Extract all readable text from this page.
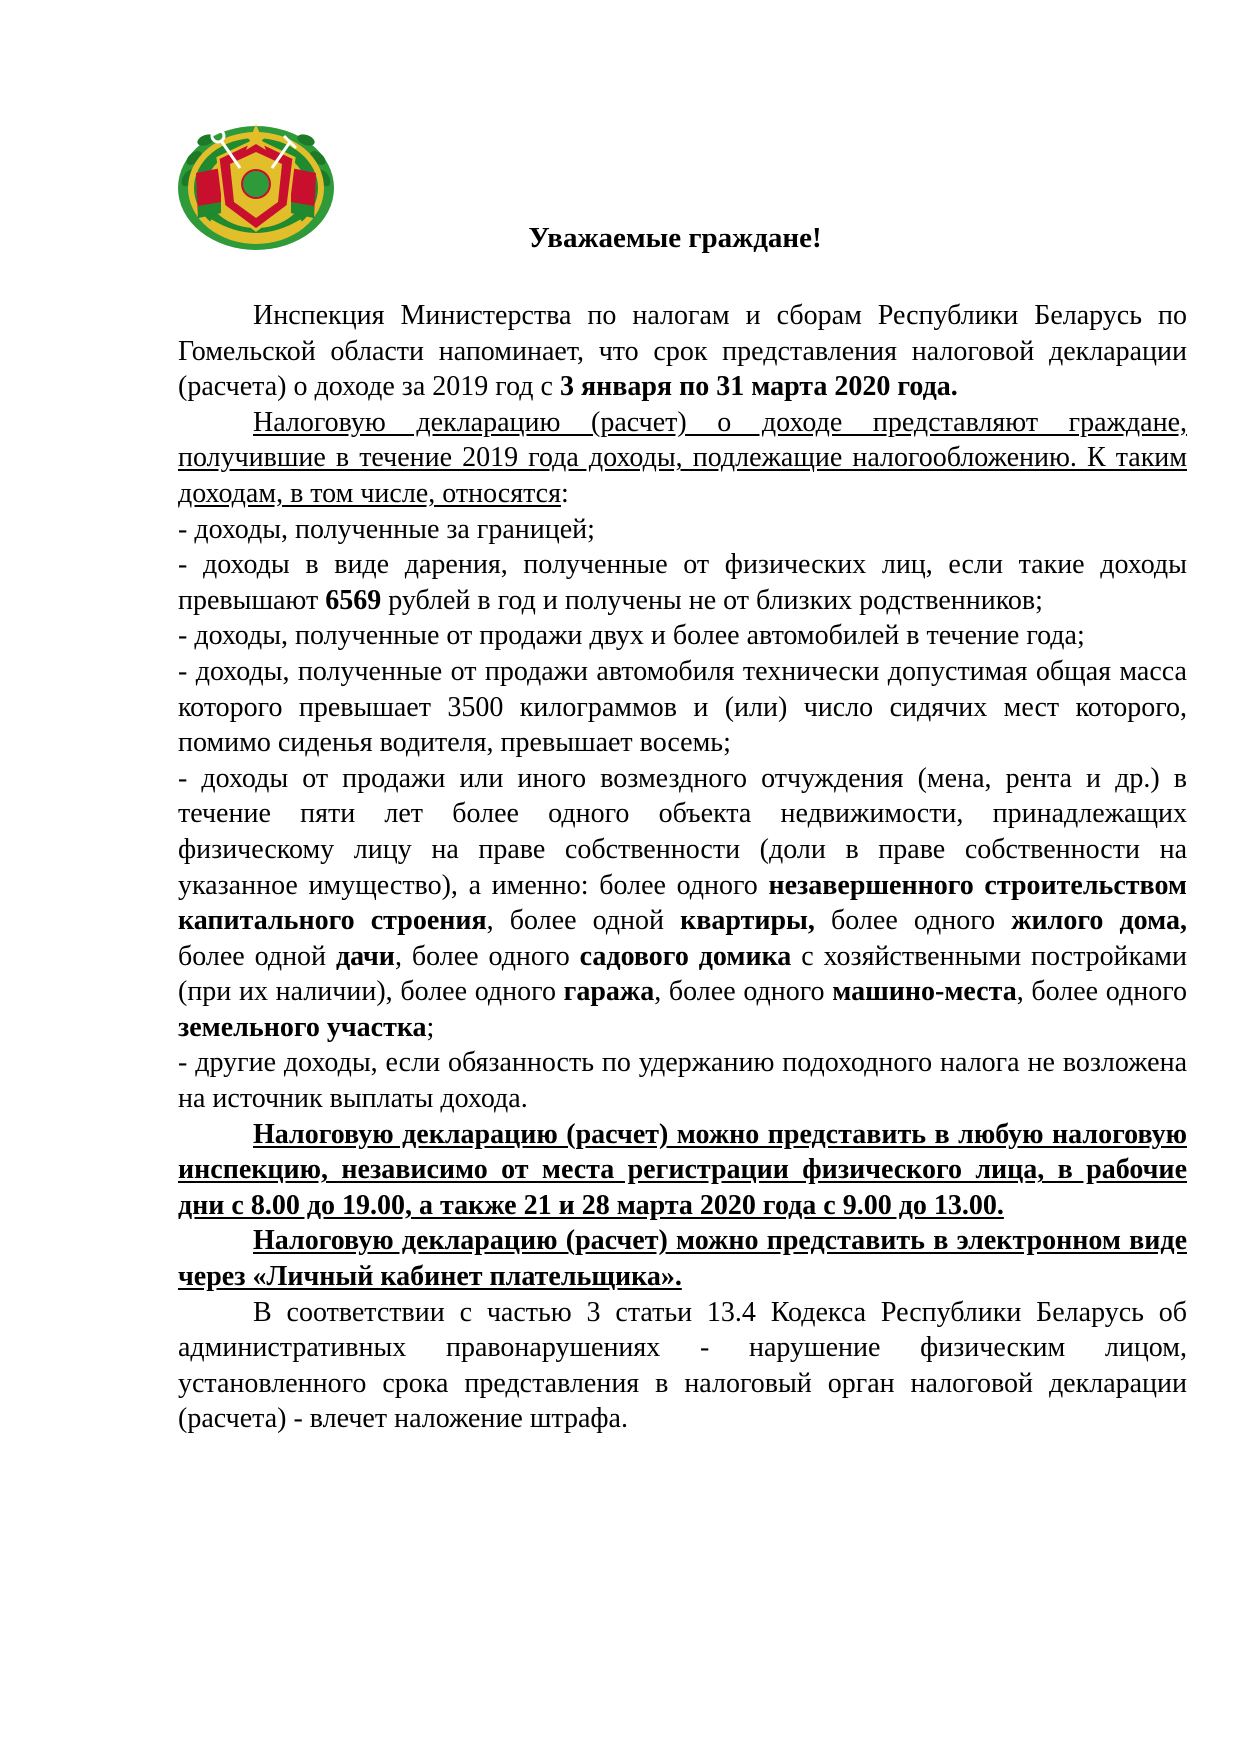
Уважаемые граждане!

Инспекция Министерства по налогам и сборам Республики Беларусь по Гомельской области напоминает, что срок представления налоговой декларации (расчета) о доходе за 2019 год с 3 января по 31 марта 2020 года.

Налоговую декларацию (расчет) о доходе представляют граждане, получившие в течение 2019 года доходы, подлежащие налогообложению. К таким доходам, в том числе, относятся:

- доходы, полученные за границей;

- доходы в виде дарения, полученные от физических лиц, если такие доходы превышают 6569 рублей в год и получены не от близких родственников;

- доходы, полученные от продажи двух и более автомобилей в течение года;

- доходы, полученные от продажи автомобиля технически допустимая общая масса которого превышает 3500 килограммов и (или) число сидячих мест которого, помимо сиденья водителя, превышает восемь;

- доходы от продажи или иного возмездного отчуждения (мена, рента и др.) в течение пяти лет более одного объекта недвижимости, принадлежащих физическому лицу на праве собственности (доли в праве собственности на указанное имущество), а именно: более одного незавершенного строительством капитального строения, более одной квартиры, более одного жилого дома, более одной дачи, более одного садового домика с хозяйственными постройками (при их наличии), более одного гаража, более одного машино-места, более одного земельного участка;

- другие доходы, если обязанность по удержанию подоходного налога не возложена на источник выплаты дохода.

Налоговую декларацию (расчет) можно представить в любую налоговую инспекцию, независимо от места регистрации физического лица, в рабочие дни с 8.00 до 19.00, а также 21 и 28 марта 2020 года с 9.00 до 13.00.

Налоговую декларацию (расчет) можно представить в электронном виде через «Личный кабинет плательщика».

В соответствии с частью 3 статьи 13.4 Кодекса Республики Беларусь об административных правонарушениях - нарушение физическим лицом, установленного срока представления в налоговый орган налоговой декларации (расчета) - влечет наложение штрафа.
